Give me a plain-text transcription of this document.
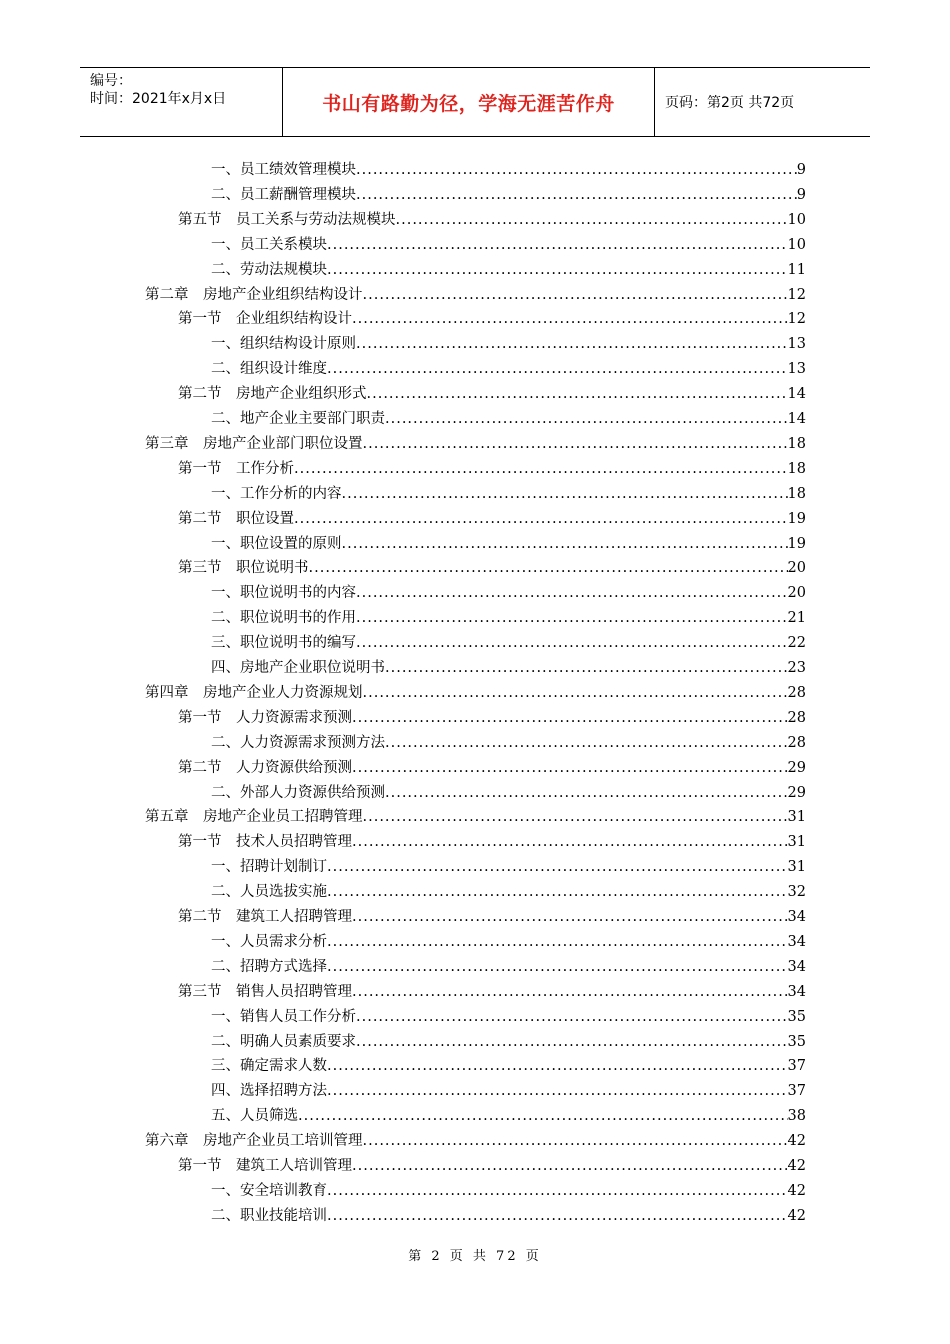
编号：
时间：2021年x月x日	书山有路勤为径，学海无涯苦作舟	页码：第2页 共72页
一、员工绩效管理模块 .....	9
二、员工薪酬管理模块 .....	9
第五节　员工关系与劳动法规模块 .....	10
一、员工关系模块 .....	10
二、劳动法规模块 .....	11
第二章　房地产企业组织结构设计 .....	12
第一节　企业组织结构设计 .....	12
一、组织结构设计原则 .....	13
二、组织设计维度 .....	13
第二节　房地产企业组织形式 .....	14
二、地产企业主要部门职责 .....	14
第三章　房地产企业部门职位设置 .....	18
第一节　工作分析 .....	18
一、工作分析的内容 .....	18
第二节　职位设置 .....	19
一、职位设置的原则 .....	19
第三节　职位说明书 .....	20
一、职位说明书的内容 .....	20
二、职位说明书的作用 .....	21
三、职位说明书的编写 .....	22
四、房地产企业职位说明书 .....	23
第四章　房地产企业人力资源规划 .....	28
第一节　人力资源需求预测 .....	28
二、人力资源需求预测方法 .....	28
第二节　人力资源供给预测 .....	29
二、外部人力资源供给预测 .....	29
第五章　房地产企业员工招聘管理 .....	31
第一节　技术人员招聘管理 .....	31
一、招聘计划制订 .....	31
二、人员选拔实施 .....	32
第二节　建筑工人招聘管理 .....	34
一、人员需求分析 .....	34
二、招聘方式选择 .....	34
第三节　销售人员招聘管理 .....	34
一、销售人员工作分析 .....	35
二、明确人员素质要求 .....	35
三、确定需求人数 .....	37
四、选择招聘方法 .....	37
五、人员筛选 .....	38
第六章　房地产企业员工培训管理 .....	42
第一节　建筑工人培训管理 .....	42
一、安全培训教育 .....	42
二、职业技能培训 .....	42
第 2 页 共 72 页
